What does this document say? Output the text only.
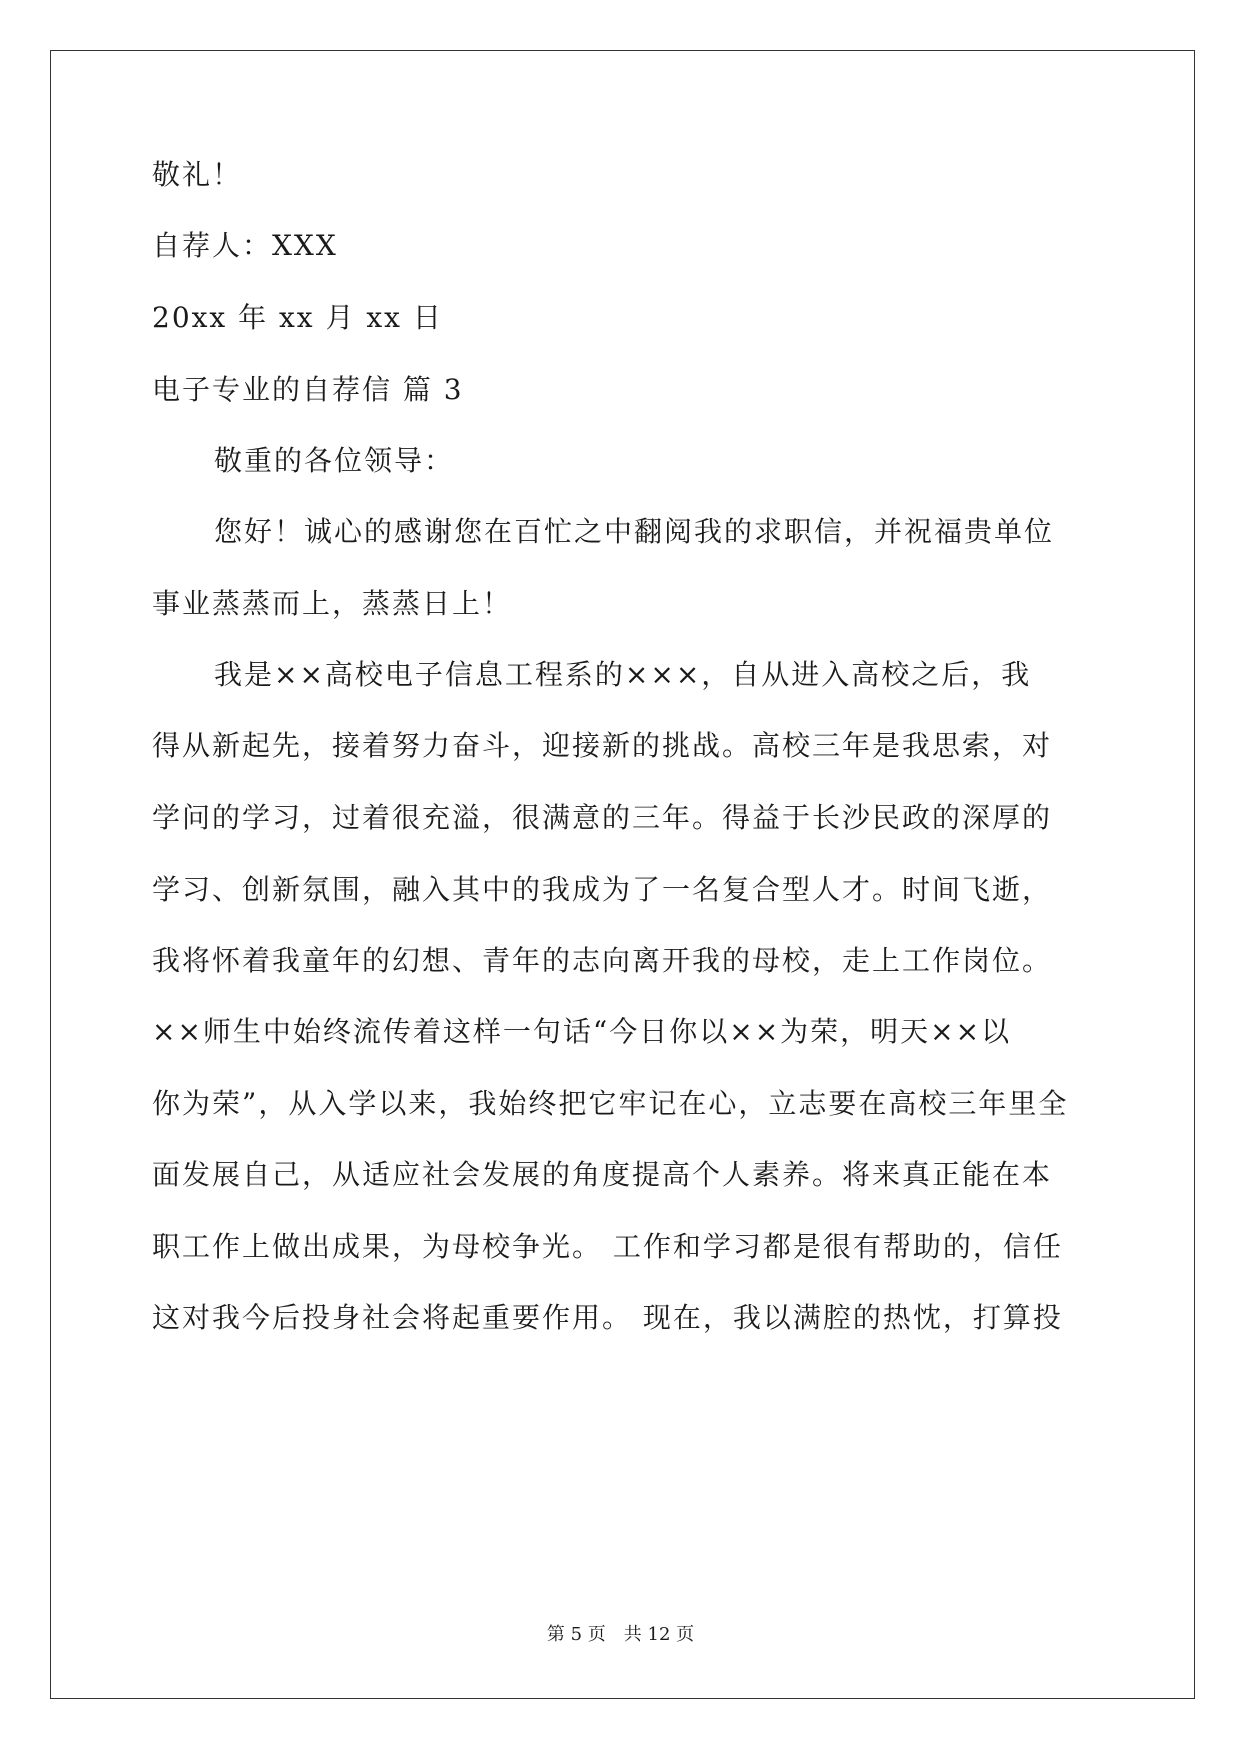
敬礼！
自荐人：XXX
20xx 年 xx 月 xx 日
电子专业的自荐信 篇 3
敬重的各位领导：
您好！诚心的感谢您在百忙之中翻阅我的求职信，并祝福贵单位
事业蒸蒸而上，蒸蒸日上！
我是××高校电子信息工程系的×××，自从进入高校之后，我
得从新起先，接着努力奋斗，迎接新的挑战。高校三年是我思索，对
学问的学习，过着很充溢，很满意的三年。得益于长沙民政的深厚的
学习、创新氛围，融入其中的我成为了一名复合型人才。时间飞逝，
我将怀着我童年的幻想、青年的志向离开我的母校，走上工作岗位。
××师生中始终流传着这样一句话“今日你以××为荣，明天××以
你为荣”，从入学以来，我始终把它牢记在心，立志要在高校三年里全
面发展自己，从适应社会发展的角度提高个人素养。将来真正能在本
职工作上做出成果，为母校争光。 工作和学习都是很有帮助的，信任
这对我今后投身社会将起重要作用。 现在，我以满腔的热忱，打算投
第 5 页 共 12 页
